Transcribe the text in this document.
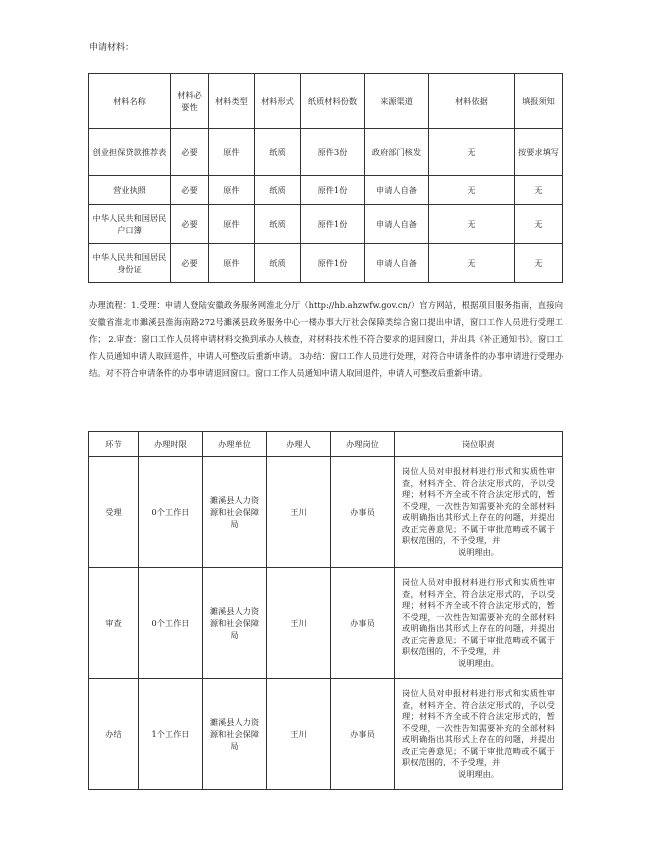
申请材料：
材料名称	材料必要性	材料类型	材料形式	纸质材料份数	来源渠道	材料依据	填报须知
创业担保贷款推荐表	必要	原件	纸质	原件3份	政府部门核发	无	按要求填写
营业执照	必要	原件	纸质	原件1份	申请人自备	无	无
中华人民共和国居民户口簿	必要	原件	纸质	原件1份	申请人自备	无	无
中华人民共和国居民身份证	必要	原件	纸质	原件1份	申请人自备	无	无
办理流程：1.受理：申请人登陆安徽政务服务网淮北分厅（http://hb.ahzwfw.gov.cn/）官方网站，根据项目服务指南，直接向安徽省淮北市濉溪县淮海南路272号濉溪县政务服务中心一楼办事大厅社会保障类综合窗口提出申请，窗口工作人员进行受理工作； 2.审查：窗口工作人员将申请材料交换到承办人核查，对材料技术性不符合要求的退回窗口，并出具《补正通知书》。窗口工作人员通知申请人取回退件，申请人可整改后重新申请。 3办结：窗口工作人员进行处理，对符合申请条件的办事申请进行受理办结。对不符合申请条件的办事申请退回窗口。窗口工作人员通知申请人取回退件，申请人可整改后重新申请。
环节	办理时限	办理单位	办理人	办理岗位	岗位职责
受理	0个工作日	濉溪县人力资源和社会保障局	王川	办事员	岗位人员对申报材料进行形式和实质性审查，材料齐全、符合法定形式的，予以受理；材料不齐全或不符合法定形式的，暂不受理，一次性告知需要补充的全部材料或明确指出其形式上存在的问题，并提出改正完善意见；不属于审批范畴或不属于职权范围的，不予受理，并
说明理由。

审查	0个工作日	濉溪县人力资源和社会保障局	王川	办事员	岗位人员对申报材料进行形式和实质性审查，材料齐全、符合法定形式的，予以受理；材料不齐全或不符合法定形式的，暂不受理，一次性告知需要补充的全部材料或明确指出其形式上存在的问题，并提出改正完善意见；不属于审批范畴或不属于职权范围的，不予受理，并
说明理由。

办结	1个工作日	濉溪县人力资源和社会保障局	王川	办事员	岗位人员对申报材料进行形式和实质性审查，材料齐全、符合法定形式的，予以受理；材料不齐全或不符合法定形式的，暂不受理，一次性告知需要补充的全部材料或明确指出其形式上存在的问题，并提出改正完善意见；不属于审批范畴或不属于职权范围的，不予受理，并
说明理由。
